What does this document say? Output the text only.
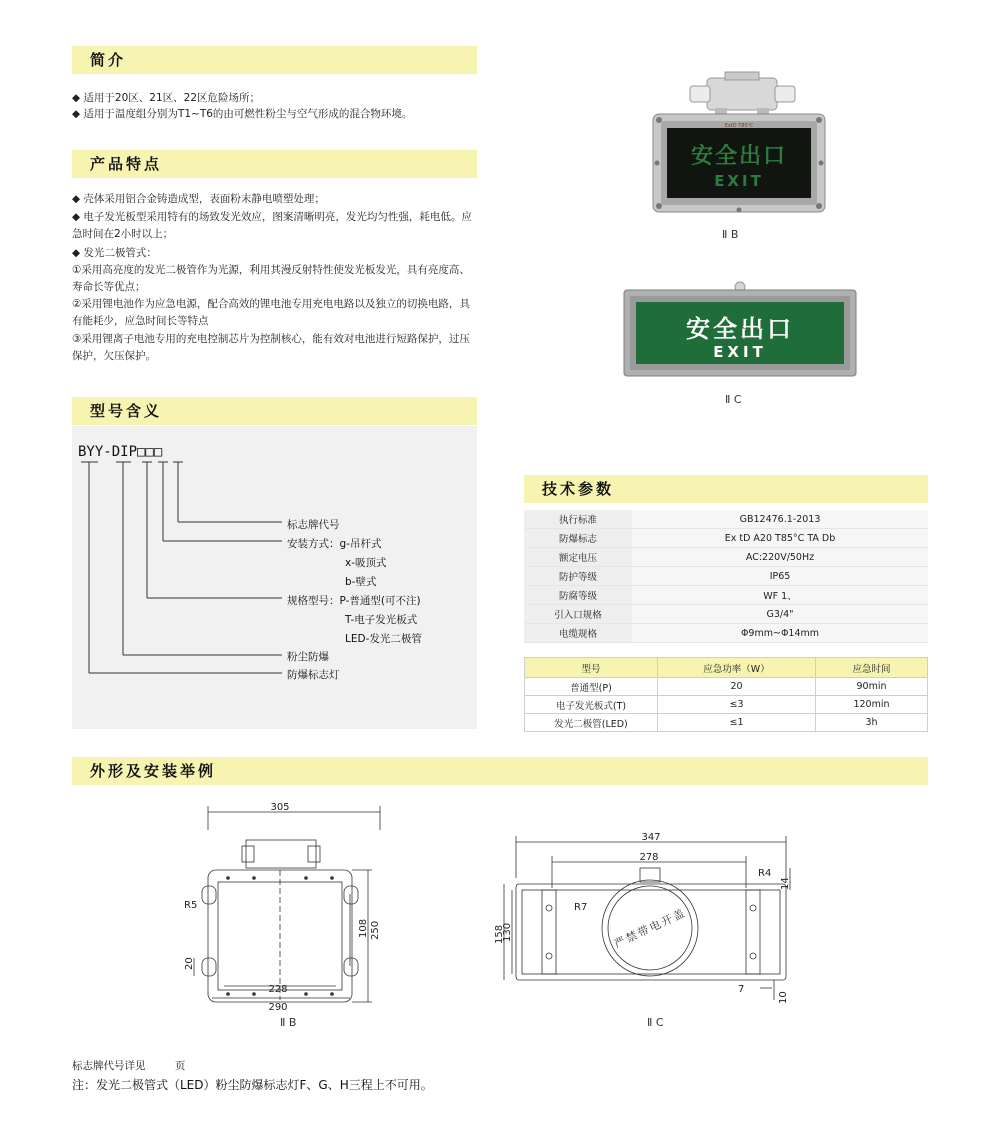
简介
◆ 适用于20区、21区、22区危险场所；
◆ 适用于温度组分别为T1~T6的由可燃性粉尘与空气形成的混合物环境。
产品特点
◆ 壳体采用铝合金铸造成型，表面粉末静电喷塑处理；
◆ 电子发光板型采用特有的场致发光效应，图案清晰明亮，发光均匀性强，耗电低。应急时间在2小时以上；
◆ 发光二极管式：
①采用高亮度的发光二极管作为光源，利用其漫反射特性使发光板发光，具有亮度高、寿命长等优点；
②采用锂电池作为应急电源，配合高效的锂电池专用充电电路以及独立的切换电路，具有能耗少，应急时间长等特点
③采用锂离子电池专用的充电控制芯片为控制核心，能有效对电池进行短路保护，过压保护，欠压保护。
型号含义
BYY-DIP□□□
标志牌代号
安装方式：g-吊杆式
x-吸顶式
b-壁式
规格型号：P-普通型(可不注)
T-电子发光板式
LED-发光二极管
粉尘防爆
防爆标志灯
ExtD T85℃
安全出口
EXIT
Ⅱ B
安全出口
EXIT
Ⅱ C
技术参数
执行标准	GB12476.1-2013
防爆标志	Ex tD A20 T85°C TA Db
额定电压	AC:220V/50Hz
防护等级	IP65
防腐等级	WF 1、
引入口规格	G3/4"
电缆规格	Φ9mm~Φ14mm
型号	应急功率（W）	应急时间
普通型(P)	20	90min
电子发光板式(T)	≤3	120min
发光二极管(LED)	≤1	3h
外形及安装举例
305
250
108
R5
20
228
290
Ⅱ B
347
278
R4
14
R7
158
130
7
10
严禁带电开盖
Ⅱ C
标志牌代号详见	页
注：发光二极管式（LED）粉尘防爆标志灯F、G、H三程上不可用。
